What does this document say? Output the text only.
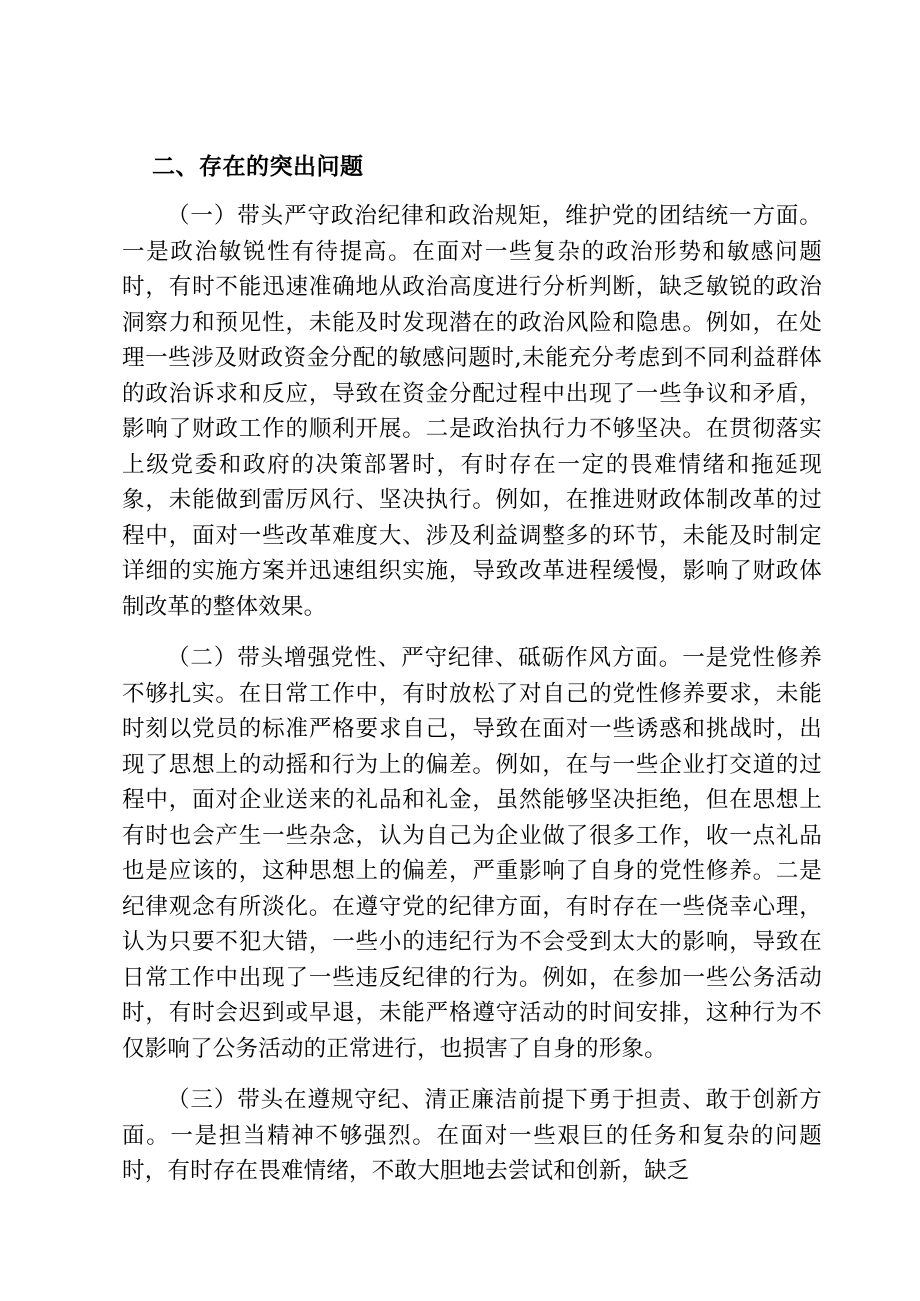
二、存在的突出问题

（一）带头严守政治纪律和政治规矩，维护党的团结统一方面。一是政治敏锐性有待提高。在面对一些复杂的政治形势和敏感问题时，有时不能迅速准确地从政治高度进行分析判断，缺乏敏锐的政治洞察力和预见性，未能及时发现潜在的政治风险和隐患。例如，在处理一些涉及财政资金分配的敏感问题时,未能充分考虑到不同利益群体的政治诉求和反应，导致在资金分配过程中出现了一些争议和矛盾，影响了财政工作的顺利开展。二是政治执行力不够坚决。在贯彻落实上级党委和政府的决策部署时，有时存在一定的畏难情绪和拖延现象，未能做到雷厉风行、坚决执行。例如，在推进财政体制改革的过程中，面对一些改革难度大、涉及利益调整多的环节，未能及时制定详细的实施方案并迅速组织实施，导致改革进程缓慢，影响了财政体制改革的整体效果。

（二）带头增强党性、严守纪律、砥砺作风方面。一是党性修养不够扎实。在日常工作中，有时放松了对自己的党性修养要求，未能时刻以党员的标准严格要求自己，导致在面对一些诱惑和挑战时，出现了思想上的动摇和行为上的偏差。例如，在与一些企业打交道的过程中，面对企业送来的礼品和礼金，虽然能够坚决拒绝，但在思想上有时也会产生一些杂念，认为自己为企业做了很多工作，收一点礼品也是应该的，这种思想上的偏差，严重影响了自身的党性修养。二是纪律观念有所淡化。在遵守党的纪律方面，有时存在一些侥幸心理，认为只要不犯大错，一些小的违纪行为不会受到太大的影响，导致在日常工作中出现了一些违反纪律的行为。例如，在参加一些公务活动时，有时会迟到或早退，未能严格遵守活动的时间安排，这种行为不仅影响了公务活动的正常进行，也损害了自身的形象。

（三）带头在遵规守纪、清正廉洁前提下勇于担责、敢于创新方面。一是担当精神不够强烈。在面对一些艰巨的任务和复杂的问题时，有时存在畏难情绪，不敢大胆地去尝试和创新，缺乏
